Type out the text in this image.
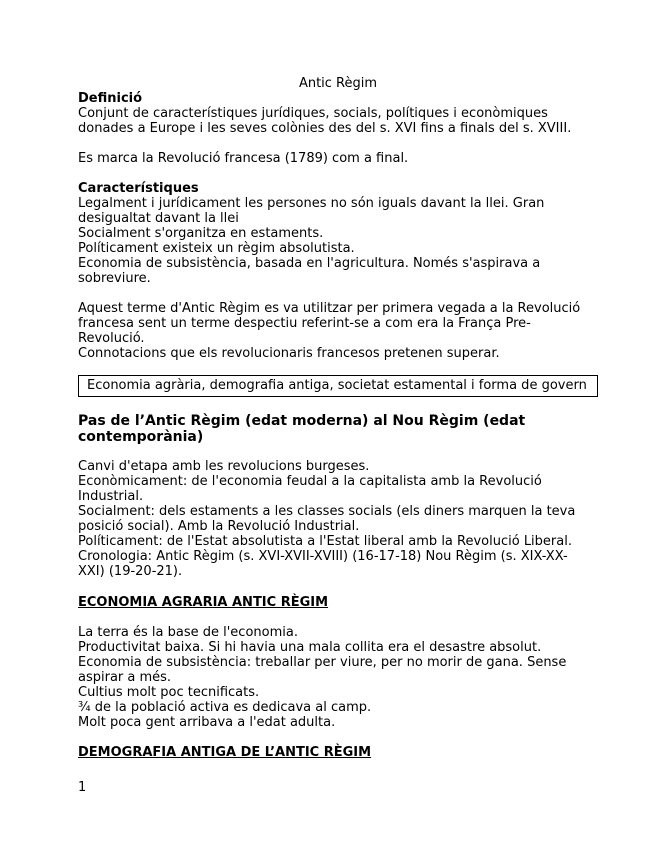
Antic Règim

Definició

Conjunt de característiques jurídiques, socials, polítiques i econòmiques

donades a Europe i les seves colònies des del s. XVI fins a finals del s. XVIII.

Es marca la Revolució francesa (1789) com a final.

Característiques

Legalment i jurídicament les persones no són iguals davant la llei. Gran

desigualtat davant la llei

Socialment s'organitza en estaments.

Políticament existeix un règim absolutista.

Economia de subsistència, basada en l'agricultura. Només s'aspirava a

sobreviure.

Aquest terme d'Antic Règim es va utilitzar per primera vegada a la Revolució

francesa sent un terme despectiu referint-se a com era la França Pre-

Revolució.

Connotacions que els revolucionaris francesos pretenen superar.

Economia agrària, demografia antiga, societat estamental i forma de govern

Pas de l’Antic Règim (edat moderna) al Nou Règim (edat

contemporània)

Canvi d'etapa amb les revolucions burgeses.

Econòmicament: de l'economia feudal a la capitalista amb la Revolució

Industrial.

Socialment: dels estaments a les classes socials (els diners marquen la teva

posició social). Amb la Revolució Industrial.

Políticament: de l'Estat absolutista a l'Estat liberal amb la Revolució Liberal.

Cronologia: Antic Règim (s. XVI-XVII-XVIII) (16-17-18) Nou Règim (s. XIX-XX-

XXI) (19-20-21).

ECONOMIA AGRARIA ANTIC RÈGIM

La terra és la base de l'economia.

Productivitat baixa. Si hi havia una mala collita era el desastre absolut.

Economia de subsistència: treballar per viure, per no morir de gana. Sense

aspirar a més.

Cultius molt poc tecnificats.

¾ de la població activa es dedicava al camp.

Molt poca gent arribava a l'edat adulta.

DEMOGRAFIA ANTIGA DE L’ANTIC RÈGIM

1
